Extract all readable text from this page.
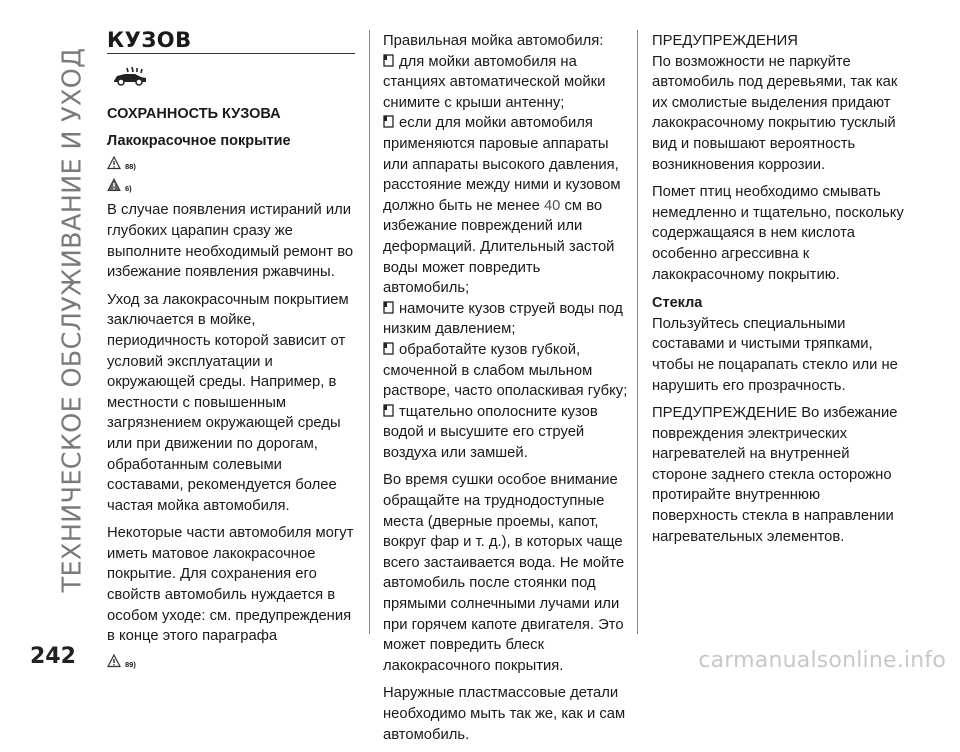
ТЕХНИЧЕСКОЕ ОБСЛУЖИВАНИЕ И УХОД
КУЗОВ
СОХРАННОСТЬ КУЗОВА
Лакокрасочное покрытие
88)
6)

В случае появления истираний или глубоких царапин сразу же выполните необходимый ремонт во избежание появления ржавчины.

Уход за лакокрасочным покрытием заключается в мойке, периодичность которой зависит от условий эксплуатации и окружающей среды. Например, в местности с повышенным загрязнением окружающей среды или при движении по дорогам, обработанным солевыми составами, рекомендуется более частая мойка автомобиля.

Некоторые части автомобиля могут иметь матовое лакокрасочное покрытие. Для сохранения его свойств автомобиль нуждается в особом уходе: см. предупреждения в конце этого параграфа

89)
Правильная мойка автомобиля:
для мойки автомобиля на станциях автоматической мойки снимите с крыши антенну;
если для мойки автомобиля применяются паровые аппараты или аппараты высокого давления, расстояние между ними и кузовом должно быть не менее 40 см во избежание повреждений или деформаций. Длительный застой воды может повредить автомобиль;
намочите кузов струей воды под низким давлением;
обработайте кузов губкой, смоченной в слабом мыльном растворе, часто ополаскивая губку;
тщательно ополосните кузов водой и высушите его струей воздуха или замшей.

Во время сушки особое внимание обращайте на труднодоступные места (дверные проемы, капот, вокруг фар и т. д.), в которых чаще всего застаивается вода. Не мойте автомобиль после стоянки под прямыми солнечными лучами или при горячем капоте двигателя. Это может повредить блеск лакокрасочного покрытия.

Наружные пластмассовые детали необходимо мыть так же, как и сам автомобиль.

ПРЕДУПРЕЖДЕНИЯ

По возможности не паркуйте автомобиль под деревьями, так как их смолистые выделения придают лакокрасочному покрытию тусклый вид и повышают вероятность возникновения коррозии.

Помет птиц необходимо смывать немедленно и тщательно, поскольку содержащаяся в нем кислота особенно агрессивна к лакокрасочному покрытию.

Стекла

Пользуйтесь специальными составами и чистыми тряпками, чтобы не поцарапать стекло или не нарушить его прозрачность.

ПРЕДУПРЕЖДЕНИЕ Во избежание повреждения электрических нагревателей на внутренней стороне заднего стекла осторожно протирайте внутреннюю поверхность стекла в направлении нагревательных элементов.

242	carmanualsonline.info
